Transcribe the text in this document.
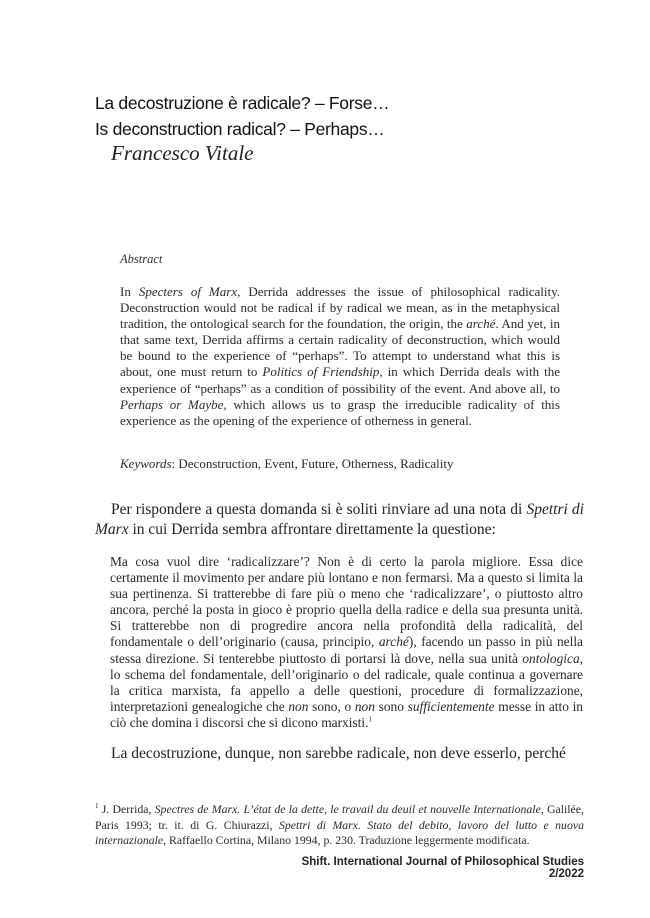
La decostruzione è radicale? – Forse…
Is deconstruction radical? – Perhaps…
Francesco Vitale
Abstract

In Specters of Marx, Derrida addresses the issue of philosophical radicality. Deconstruction would not be radical if by radical we mean, as in the metaphysical tradition, the ontological search for the foundation, the origin, the arché. And yet, in that same text, Derrida affirms a certain radicality of deconstruction, which would be bound to the experience of “perhaps”. To attempt to understand what this is about, one must return to Politics of Friendship, in which Derrida deals with the experience of “perhaps” as a condition of possibility of the event. And above all, to Perhaps or Maybe, which allows us to grasp the irreducible radicality of this experience as the opening of the experience of otherness in general.

Keywords: Deconstruction, Event, Future, Otherness, Radicality

Per rispondere a questa domanda si è soliti rinviare ad una nota di Spettri di Marx in cui Derrida sembra affrontare direttamente la questione:

Ma cosa vuol dire ‘radicalizzare’? Non è di certo la parola migliore. Essa dice certamente il movimento per andare più lontano e non fermarsi. Ma a questo si limita la sua pertinenza. Si tratterebbe di fare più o meno che ‘radicalizzare’, o piuttosto altro ancora, perché la posta in gioco è proprio quella della radice e della sua presunta unità. Si tratterebbe non di progredire ancora nella profondità della radicalità, del fondamentale o dell’originario (causa, principio, arché), facendo un passo in più nella stessa direzione. Si tenterebbe piuttosto di portarsi là dove, nella sua unità ontologica, lo schema del fondamentale, dell’originario o del radicale, quale continua a governare la critica marxista, fa appello a delle questioni, procedure di formalizzazione, interpretazioni genealogiche che non sono, o non sono sufficientemente messe in atto in ciò che domina i discorsi che si dicono marxisti.$^1$

La decostruzione, dunque, non sarebbe radicale, non deve esserlo, perché

$^1$ J. Derrida, Spectres de Marx. L’état de la dette, le travail du deuil et nouvelle Internationale, Galilée, Paris 1993; tr. it. di G. Chiurazzi, Spettri di Marx. Stato del debito, lavoro del lutto e nuova internazionale, Raffaello Cortina, Milano 1994, p. 230. Traduzione leggermente modificata.

Shift. International Journal of Philosophical Studies 2/2022
